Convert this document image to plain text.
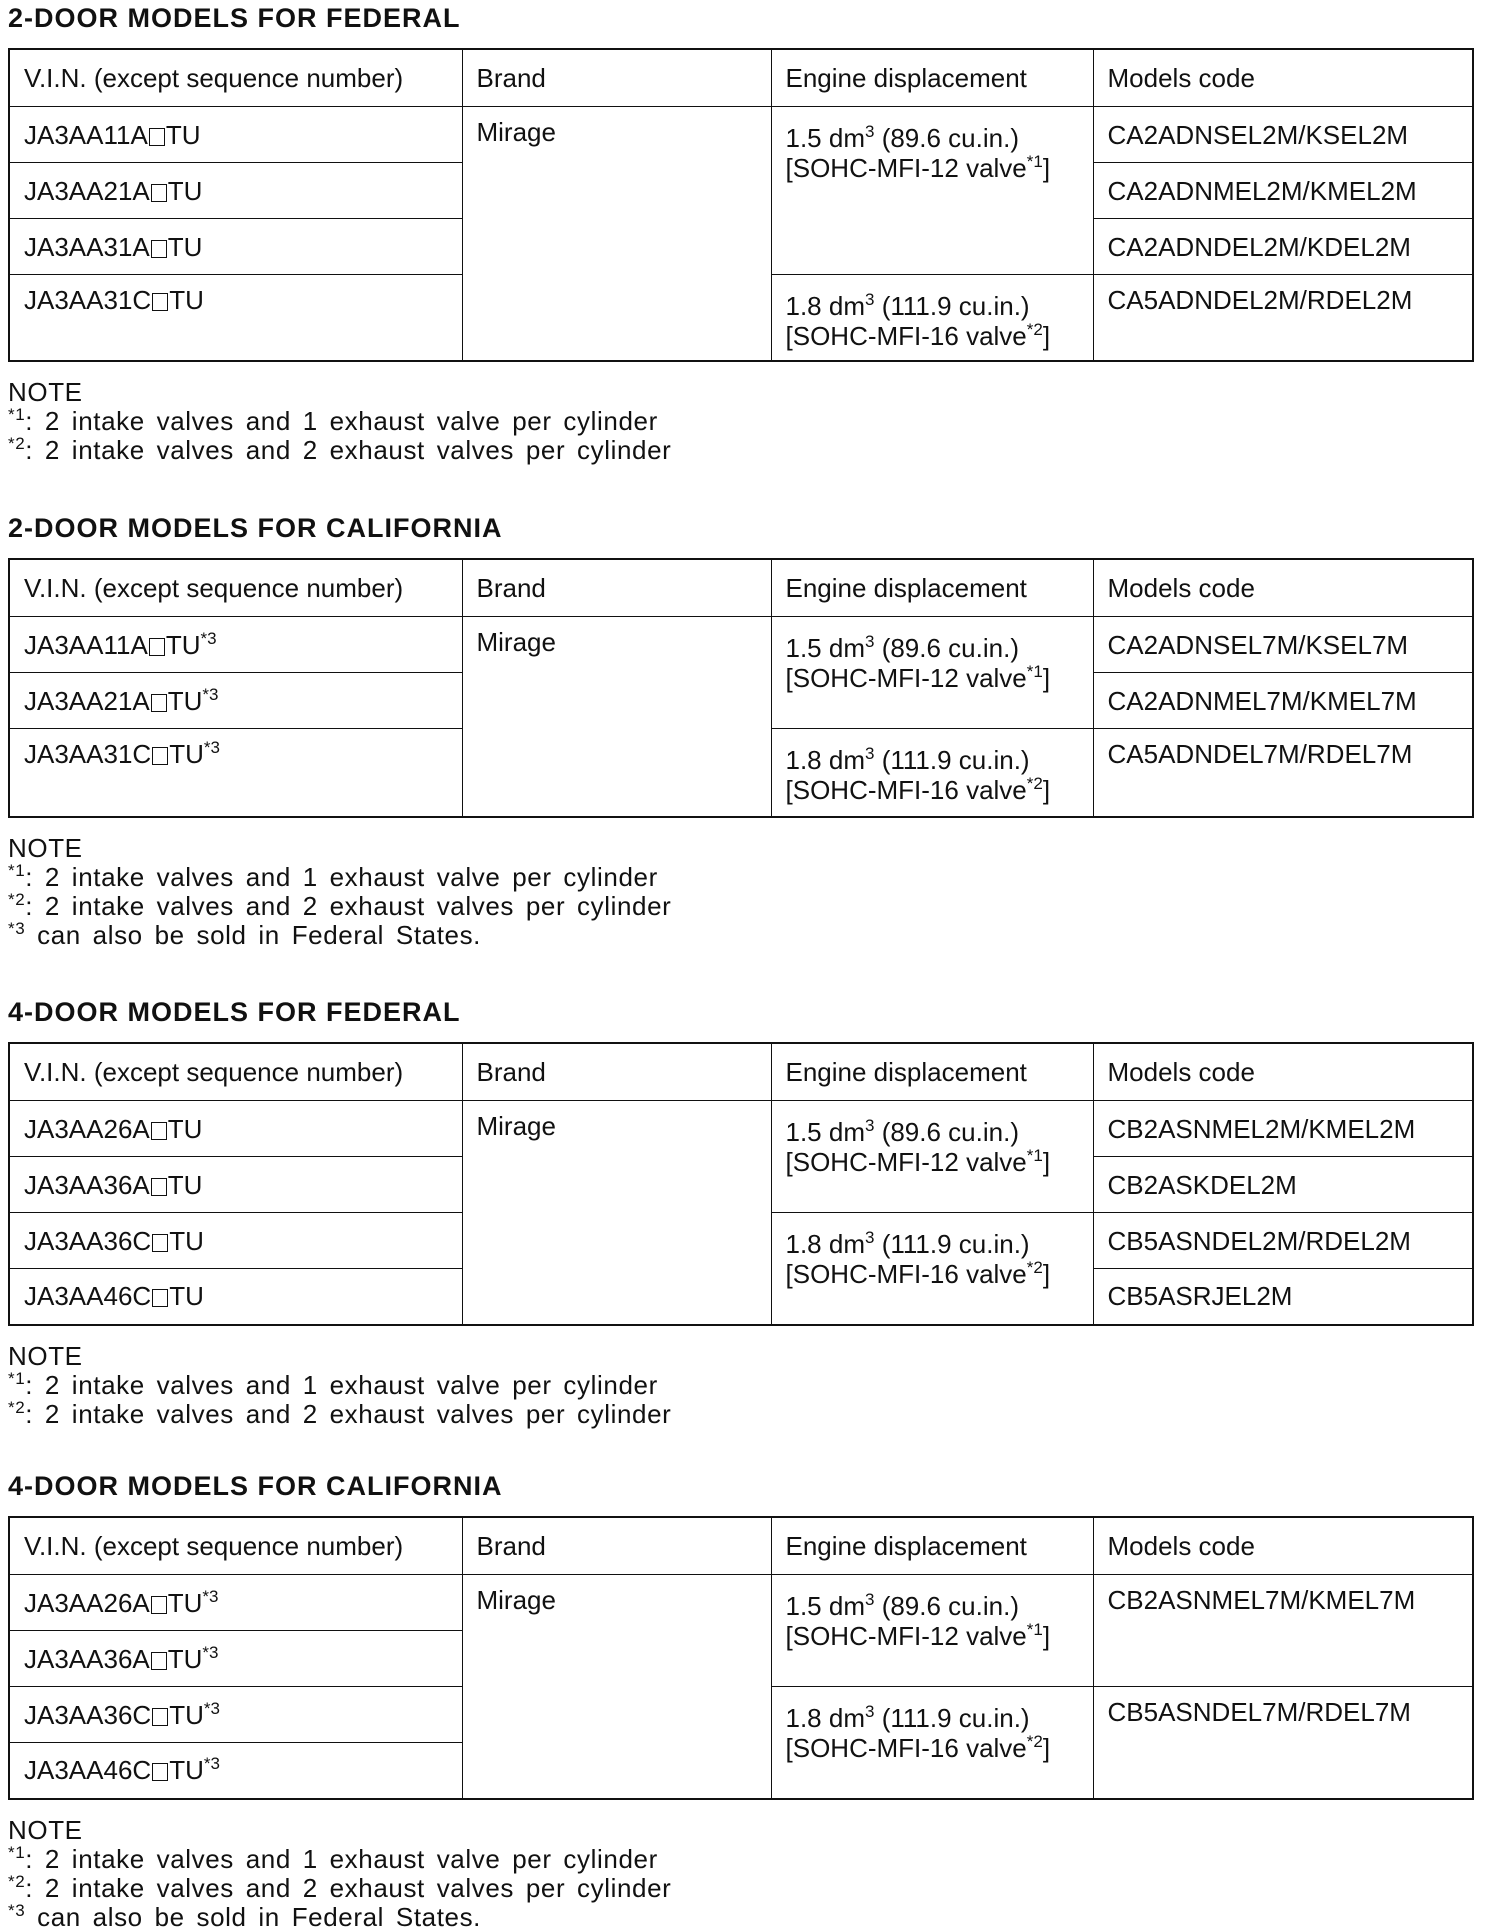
2-DOOR MODELS FOR FEDERAL
V.I.N. (except sequence number)	Brand	Engine displacement	Models code
JA3AA11A TU	Mirage	1.5 $dm^3$ (89.6 cu.in.)
[SOHC-MFI-12 valve$^{*1}$]	CA2ADNSEL2M/KSEL2M
JA3AA21A TU			CA2ADNMEL2M/KMEL2M
JA3AA31A TU			CA2ADNDEL2M/KDEL2M
JA3AA31C TU		1.8 $dm^3$ (111.9 cu.in.)
[SOHC-MFI-16 valve$^{*2}$]	CA5ADNDEL2M/RDEL2M
NOTE
$^{*1}$: 2 intake valves and 1 exhaust valve per cylinder
$^{*2}$: 2 intake valves and 2 exhaust valves per cylinder
2-DOOR MODELS FOR CALIFORNIA
V.I.N. (except sequence number)	Brand	Engine displacement	Models code
JA3AA11A TU$^{*3}$	Mirage	1.5 $dm^3$ (89.6 cu.in.)
[SOHC-MFI-12 valve$^{*1}$]	CA2ADNSEL7M/KSEL7M
JA3AA21A TU$^{*3}$			CA2ADNMEL7M/KMEL7M
JA3AA31C TU$^{*3}$		1.8 $dm^3$ (111.9 cu.in.)
[SOHC-MFI-16 valve$^{*2}$]	CA5ADNDEL7M/RDEL7M
NOTE
$^{*1}$: 2 intake valves and 1 exhaust valve per cylinder
$^{*2}$: 2 intake valves and 2 exhaust valves per cylinder
$^{*3}$ can also be sold in Federal States.
4-DOOR MODELS FOR FEDERAL
V.I.N. (except sequence number)	Brand	Engine displacement	Models code
JA3AA26A TU	Mirage	1.5 $dm^3$ (89.6 cu.in.)
[SOHC-MFI-12 valve$^{*1}$]	CB2ASNMEL2M/KMEL2M
JA3AA36A TU			CB2ASKDEL2M
JA3AA36C TU		1.8 $dm^3$ (111.9 cu.in.)
[SOHC-MFI-16 valve$^{*2}$]	CB5ASNDEL2M/RDEL2M
JA3AA46C TU			CB5ASRJEL2M
NOTE
$^{*1}$: 2 intake valves and 1 exhaust valve per cylinder
$^{*2}$: 2 intake valves and 2 exhaust valves per cylinder
4-DOOR MODELS FOR CALIFORNIA
V.I.N. (except sequence number)	Brand	Engine displacement	Models code
JA3AA26A TU$^{*3}$	Mirage	1.5 $dm^3$ (89.6 cu.in.)
[SOHC-MFI-12 valve$^{*1}$]	CB2ASNMEL7M/KMEL7M
JA3AA36A TU$^{*3}$
JA3AA36C TU$^{*3}$		1.8 $dm^3$ (111.9 cu.in.)
[SOHC-MFI-16 valve$^{*2}$]	CB5ASNDEL7M/RDEL7M
JA3AA46C TU$^{*3}$
NOTE
$^{*1}$: 2 intake valves and 1 exhaust valve per cylinder
$^{*2}$: 2 intake valves and 2 exhaust valves per cylinder
$^{*3}$ can also be sold in Federal States.
